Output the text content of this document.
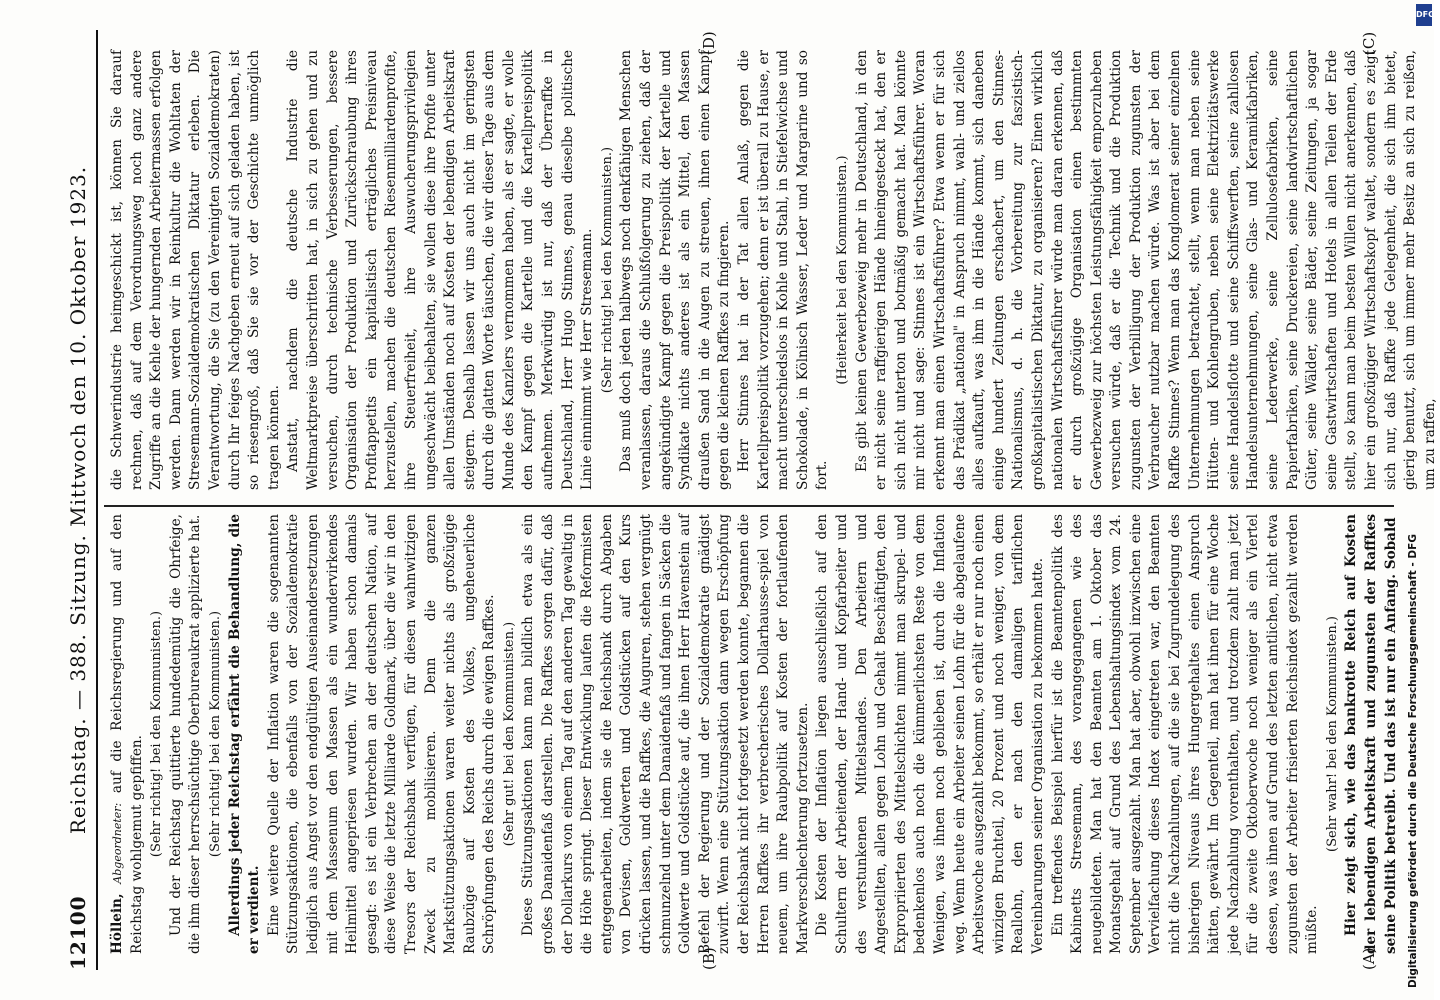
12100
Reichstag. — 388. Sitzung. Mittwoch den 10. Oktober 1923.
(A)
(B)
(C)
(D)

Höllein, Abgeordneter: auf die Reichsregierung und auf den Reichstag wohlgemut gepfiffen. (Sehr richtig! bei den Kommunisten.) Und der Reichstag quittierte hundedemütig die Ohrfeige, die ihm dieser herrschsüchtige Oberbureaukrat applizierte hat. (Sehr richtig! bei den Kommunisten.) Allerdings jeder Reichstag erfährt die Behandlung, die er verdient. Eine weitere Quelle der Inflation waren die sogenannten Stützungsaktionen, die ebenfalls von der Sozialdemokratie lediglich aus Angst vor den endgültigen Auseinandersetzungen mit dem Massenum den Massen als ein wundervirkendes Heilmittel angepriesen wurden. Wir haben schon damals gesagt: es ist ein Verbrechen an der deutschen Nation, auf diese Weise die letzte Milliarde Goldmark, über die wir in den Tresors der Reichsbank verfügen, für diesen wahnwitzigen Zweck zu mobilisieren. Denn die ganzen Markstützungsaktionen waren weiter nichts als großzügige Raubzüge auf Kosten des Volkes, ungeheuerliche Schröpfungen des Reichs durch die ewigen Raffkes. (Sehr gut! bei den Kommunisten.) Diese Stützungsaktionen kann man bildlich etwa als ein großes Danaidenfaß darstellen. Die Raffkes sorgen dafür, daß der Dollarkurs von einem Tag auf den anderen Tag gewaltig in die Höhe springt. Dieser Entwicklung laufen die Reformisten entgegenarbeiten, indem sie die Reichsbank durch Abgaben von Devisen, Goldwerten und Goldstücken auf den Kurs drücken lassen, und die Raffkes, die Auguren, stehen vergnügt schmunzelnd unter dem Danaidenfaß und fangen in Säcken die Goldwerte und Goldstücke auf, die ihnen Herr Havenstein auf Befehl der Regierung und der Sozialdemokratie gnädigst zuwirft. Wenn eine Stützungsaktion dann wegen Erschöpfung der Reichsbank nicht fortgesetzt werden konnte, begannen die Herren Raffkes ihr verbrecherisches Dollarhausse-spiel von neuem, um ihre Raubpolitik auf Kosten der fortlaufenden Markverschlechterung fortzusetzen. Die Kosten der Inflation liegen ausschließlich auf den Schultern der Arbeitenden, der Hand- und Kopfarbeiter und des verstunkenen Mittelstandes. Den Arbeitern und Angestellten, allen gegen Lohn und Gehalt Beschäftigten, den Expropriierten des Mittelschichten nimmt man skrupel- und bedenkenlos auch noch die kümmerlichsten Reste von dem Wenigen, was ihnen noch geblieben ist, durch die Inflation weg. Wenn heute ein Arbeiter seinen Lohn für die abgelaufene Arbeitswoche ausgezahlt bekommt, so erhält er nur noch einen winzigen Bruchteil, 20 Prozent und noch weniger, von dem Reallohn, den er nach den damaligen tariflichen Vereinbarungen seiner Organisation zu bekommen hatte. Ein treffendes Beispiel hierfür ist die Beamtenpolitik des Kabinetts Stresemann, des vorangegangenen wie des neugebildeten. Man hat den Beamten am 1. Oktober das Monatsgehalt auf Grund des Lebenshaltungsindex vom 24. September ausgezahlt. Man hat aber, obwohl inzwischen eine Vervielfachung dieses Index eingetreten war, den Beamten nicht die Nachzahlungen, auf die sie bei Zugrundelegung des bisherigen Niveaus ihres Hungergehaltes einen Anspruch hätten, gewährt. Im Gegenteil, man hat ihnen für eine Woche jede Nachzahlung vorenthalten, und trotzdem zahlt man jetzt für die zweite Oktoberwoche noch weniger als ein Viertel dessen, was ihnen auf Grund des letzten amtlichen, nicht etwa zugunsten der Arbeiter frisierten Reichsindex gezahlt werden müßte.

(Sehr wahr! bei den Kommunisten.) Hier zeigt sich, wie das bankrotte Reich auf Kosten der lebendigen Arbeitskraft und zugunsten der Raffkes seine Politik betreibt. Und das ist nur ein Anfang. Sobald

die Schwerindustrie heimgeschickt ist, können Sie darauf rechnen, daß auf dem Verordnungsweg noch ganz andere Zugriffe an die Kehle der hungernden Arbeitermassen erfolgen werden. Dann werden wir in Reinkultur die Wohltaten der Stresemann-Sozialdemokratischen Diktatur erleben. Die Verantwortung, die Sie (zu den Vereinigten Sozialdemokraten) durch Ihr feiges Nachgeben erneut auf sich geladen haben, ist so riesengroß, daß Sie sie vor der Geschichte unmöglich tragen können. Anstatt, nachdem die deutsche Industrie die Weltmarktpreise überschritten hat, in sich zu gehen und zu versuchen, durch technische Verbesserungen, bessere Organisation der Produktion und Zurückschraubung ihres Profitappetits ein kapitalistisch erträgliches Preisniveau herzustellen, machen die deutschen Riesenmilliardenprofite, ihre Steuerfreiheit, ihre Auswucherungsprivilegien ungeschwächt beibehalten, sie wollen diese ihre Profite unter allen Umständen noch auf Kosten der lebendigen Arbeitskraft steigern. Deshalb lassen wir uns auch nicht im geringsten durch die glatten Worte täuschen, die wir dieser Tage aus dem Munde des Kanzlers vernommen haben, als er sagte, er wolle den Kampf gegen die Kartelle und die Kartellpreispolitik aufnehmen. Merkwürdig ist nur, daß der Überraffke in Deutschland, Herr Hugo Stinnes, genau dieselbe politische Linie einnimmt wie Herr Stresemann. (Sehr richtig! bei den Kommunisten.) Das muß doch jeden halbwegs noch denkfähigen Menschen veranlassen, daraus die Schlußfolgerung zu ziehen, daß der angekündigte Kampf gegen die Preispolitik der Kartelle und Syndikate nichts anderes ist als ein Mittel, den Massen draußen Sand in die Augen zu streuen, ihnen einen Kampf gegen die kleinen Raffkes zu fingieren. Herr Stinnes hat in der Tat allen Anlaß, gegen die Kartellpreispolitik vorzugehen; denn er ist überall zu Hause, er macht unterschiedslos in Kohle und Stahl, in Stiefelwichse und Schokolade, in Kölnisch Wasser, Leder und Margarine und so fort.

(Heiterkeit bei den Kommunisten.) Es gibt keinen Gewerbezweig mehr in Deutschland, in den er nicht seine raffgierigen Hände hineingesteckt hat, den er sich nicht unterton und botmäßig gemacht hat. Man könnte mir nicht und sage: Stinnes ist ein Wirtschaftsführer. Woran erkennt man einen Wirtschaftsführer? Etwa wenn er für sich das Prädikat „national" in Anspruch nimmt, wahl- und ziellos alles aufkauft, was ihm in die Hände kommt, sich daneben einige hundert Zeitungen erschachert, um den Stinnes-Nationalismus, d. h. die Vorbereitung zur faszistisch-großkapitalistischen Diktatur, zu organisieren? Einen wirklich nationalen Wirtschaftsführer würde man daran erkennen, daß er durch großzügige Organisation einen bestimmten Gewerbezweig zur höchsten Leistungsfähigkeit emporzuheben versuchen würde, daß er die Technik und die Produktion zugunsten der Verbilligung der Produktion zugunsten der Verbraucher nutzbar machen würde. Was ist aber bei dem Raffke Stinnes? Wenn man das Konglomerat seiner einzelnen Unternehmungen betrachtet, stellt, wenn man neben seine Hütten- und Kohlengruben, neben seine Elektrizitätswerke seine Handelsflotte und seine Schiffswerften, seine zahllosen Handelsunternehmungen, seine Glas- und Keramikfabriken, seine Lederwerke, seine Zellulosefabriken, seine Papierfabriken, seine Druckereien, seine landwirtschaftlichen Güter, seine Wälder, seine Bäder, seine Zeitungen, ja sogar seine Gastwirtschaften und Hotels in allen Teilen der Erde stellt, so kann man beim besten Willen nicht anerkennen, daß hier ein großzügiger Wirtschaftskopf waltet, sondern es zeigt sich nur, daß Raffke jede Gelegenheit, die sich ihm bietet, gierig benutzt, sich um immer mehr Besitz an sich zu reißen, um zu raffen,

DFG
Digitalisierung gefördert durch die Deutsche Forschungsgemeinschaft - DFG
